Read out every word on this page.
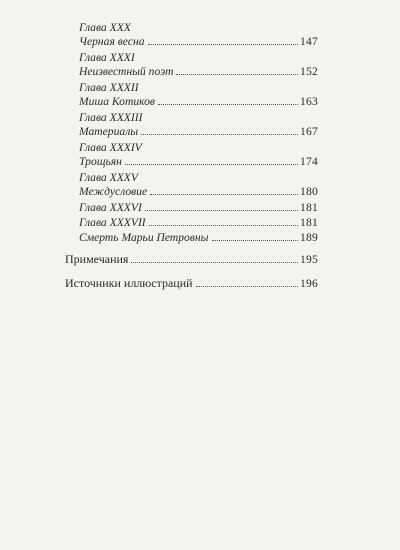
Глава XXX
Черная весна	147
Глава XXXI
Неизвестный поэт	152
Глава XXXII
Миша Котиков	163
Глава XXXIII
Материалы	167
Глава XXXIV
Трощьян	174
Глава XXXV
Междусловие	180
Глава XXXVI	181
Глава XXXVII	181
Смерть Марьи Петровны	189
Примечания	195
Источники иллюстраций	196
